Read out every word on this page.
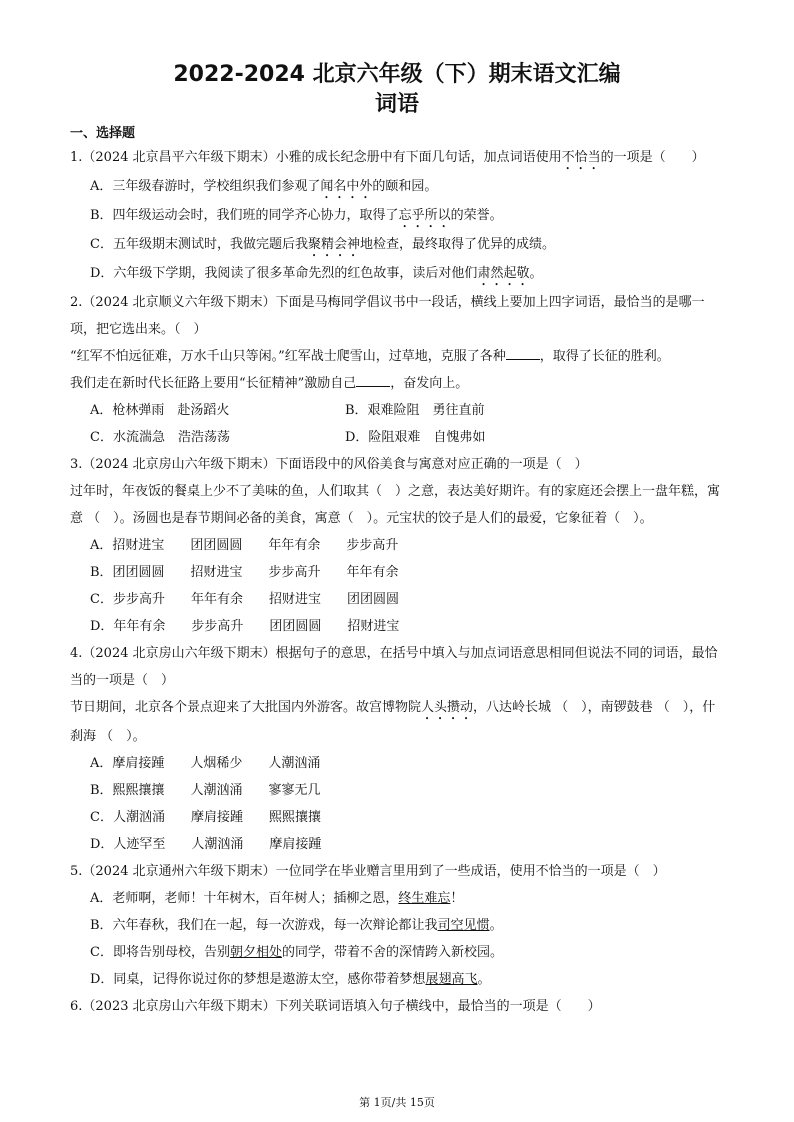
2022-2024 北京六年级（下）期末语文汇编
词语
一、选择题

1.（2024 北京昌平六年级下期末）小雅的成长纪念册中有下面几句话，加点词语使用不恰当的一项是（　　）

A．三年级春游时，学校组织我们参观了闻名中外的颐和园。

B．四年级运动会时，我们班的同学齐心协力，取得了忘乎所以的荣誉。

C．五年级期末测试时，我做完题后我聚精会神地检查，最终取得了优异的成绩。

D．六年级下学期，我阅读了很多革命先烈的红色故事，读后对他们肃然起敬。

2.（2024 北京顺义六年级下期末）下面是马梅同学倡议书中一段话，横线上要加上四字词语，最恰当的是哪一项，把它选出来。（　）

“红军不怕远征难，万水千山只等闲。”红军战士爬雪山，过草地，克服了各种	，取得了长征的胜利。

我们走在新时代长征路上要用“长征精神”激励自己	，奋发向上。

A．枪林弹雨　赴汤蹈火	B．艰难险阻　勇往直前
C．水流湍急　浩浩荡荡	D．险阻艰难　自愧弗如

3.（2024 北京房山六年级下期末）下面语段中的风俗美食与寓意对应正确的一项是（　）

过年时，年夜饭的餐桌上少不了美味的鱼，人们取其（　）之意，表达美好期许。有的家庭还会摆上一盘年糕，寓意 （　）。汤圆也是春节期间必备的美食，寓意（　）。元宝状的饺子是人们的最爱，它象征着（　）。

A．招财进宝　　团团圆圆　　年年有余　　步步高升

B．团团圆圆　　招财进宝　　步步高升　　年年有余

C．步步高升　　年年有余　　招财进宝　　团团圆圆

D．年年有余　　步步高升　　团团圆圆　　招财进宝

4.（2024 北京房山六年级下期末）根据句子的意思，在括号中填入与加点词语意思相同但说法不同的词语，最恰当的一项是（　）

节日期间，北京各个景点迎来了大批国内外游客。故宫博物院人头攒动，八达岭长城 （　），南锣鼓巷 （　），什刹海 （　）。

A．摩肩接踵　　人烟稀少　　人潮汹涌

B．熙熙攘攘　　人潮汹涌　　寥寥无几

C．人潮汹涌　　摩肩接踵　　熙熙攘攘

D．人迹罕至　　人潮汹涌　　摩肩接踵

5.（2024 北京通州六年级下期末）一位同学在毕业赠言里用到了一些成语，使用不恰当的一项是（　）

A．老师啊，老师！十年树木，百年树人；插柳之恩，终生难忘！

B．六年春秋，我们在一起，每一次游戏，每一次辩论都让我司空见惯。

C．即将告别母校，告别朝夕相处的同学，带着不舍的深情跨入新校园。

D．同桌，记得你说过你的梦想是遨游太空，感你带着梦想展翅高飞。

6.（2023 北京房山六年级下期末）下列关联词语填入句子横线中，最恰当的一项是（　　）

第 1页/共 15页
